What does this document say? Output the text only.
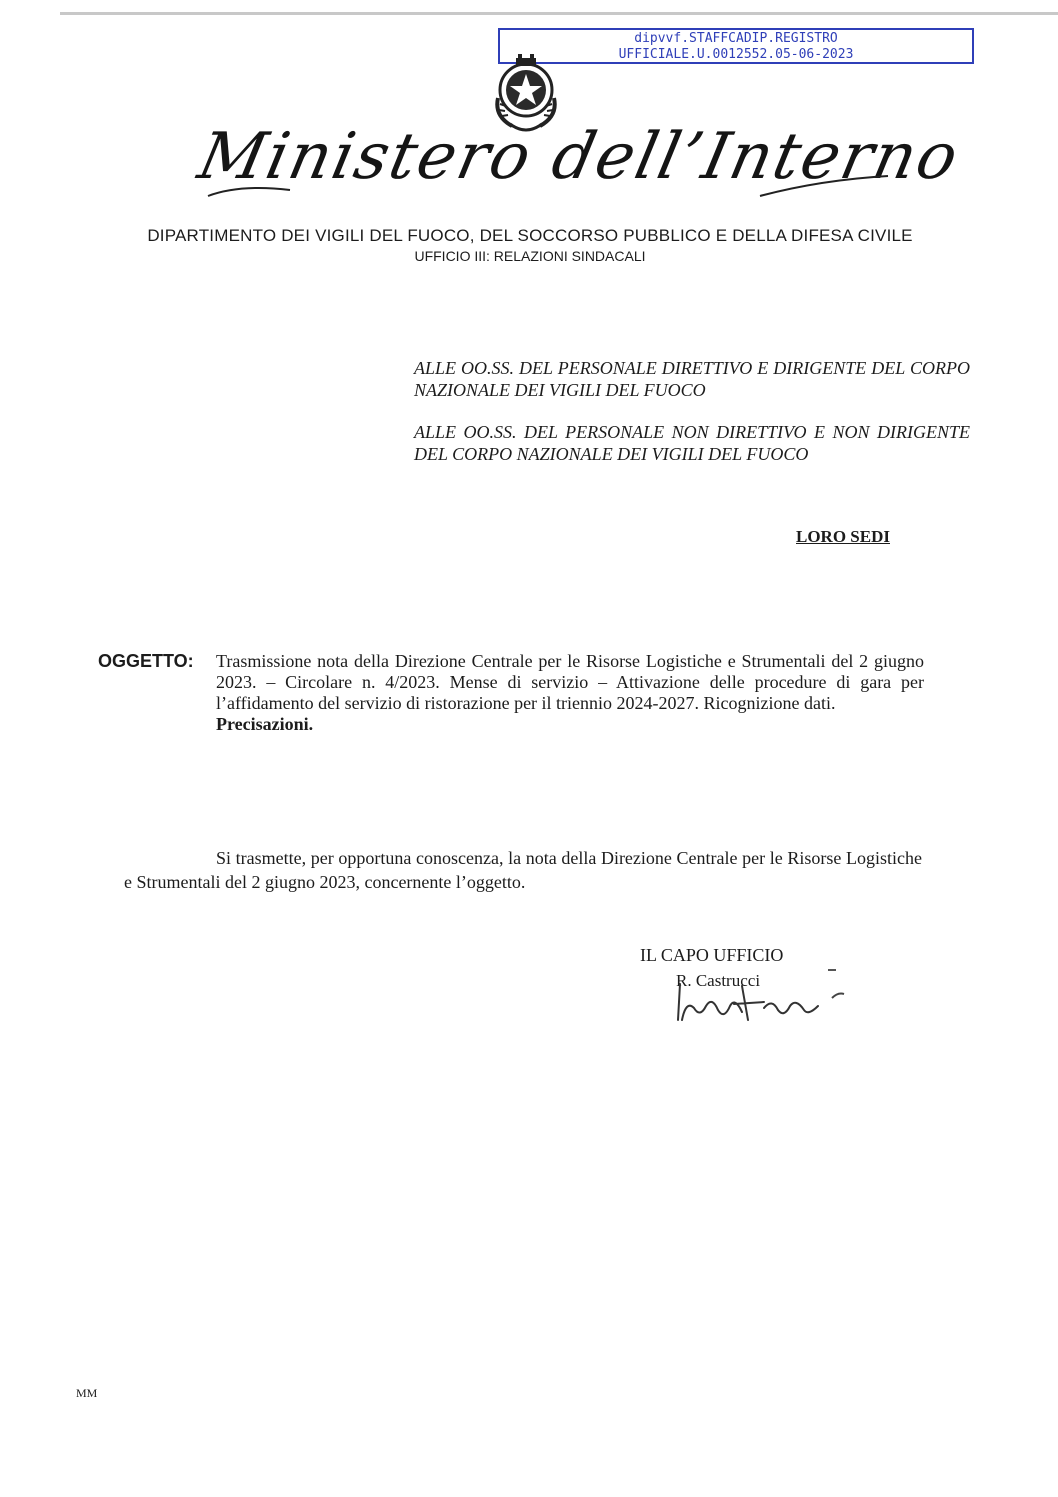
dipvvf.STAFFCADIP.REGISTRO
UFFICIALE.U.0012552.05-06-2023
Ministero dell’Interno
DIPARTIMENTO DEI VIGILI DEL FUOCO, DEL SOCCORSO PUBBLICO E DELLA DIFESA CIVILE
UFFICIO III: RELAZIONI SINDACALI
ALLE OO.SS. DEL PERSONALE DIRETTIVO E DIRIGENTE DEL CORPO NAZIONALE DEI VIGILI DEL FUOCO
ALLE OO.SS. DEL PERSONALE NON DIRETTIVO E NON DIRIGENTE DEL CORPO NAZIONALE DEI VIGILI DEL FUOCO
LORO SEDI
OGGETTO: Trasmissione nota della Direzione Centrale per le Risorse Logistiche e Strumentali del 2 giugno 2023. – Circolare n. 4/2023. Mense di servizio – Attivazione delle procedure di gara per l’affidamento del servizio di ristorazione per il triennio 2024-2027. Ricognizione dati.
Precisazioni.
Si trasmette, per opportuna conoscenza, la nota della Direzione Centrale per le Risorse Logistiche e Strumentali del 2 giugno 2023, concernente l’oggetto.
IL CAPO UFFICIO
R. Castrucci
MM
